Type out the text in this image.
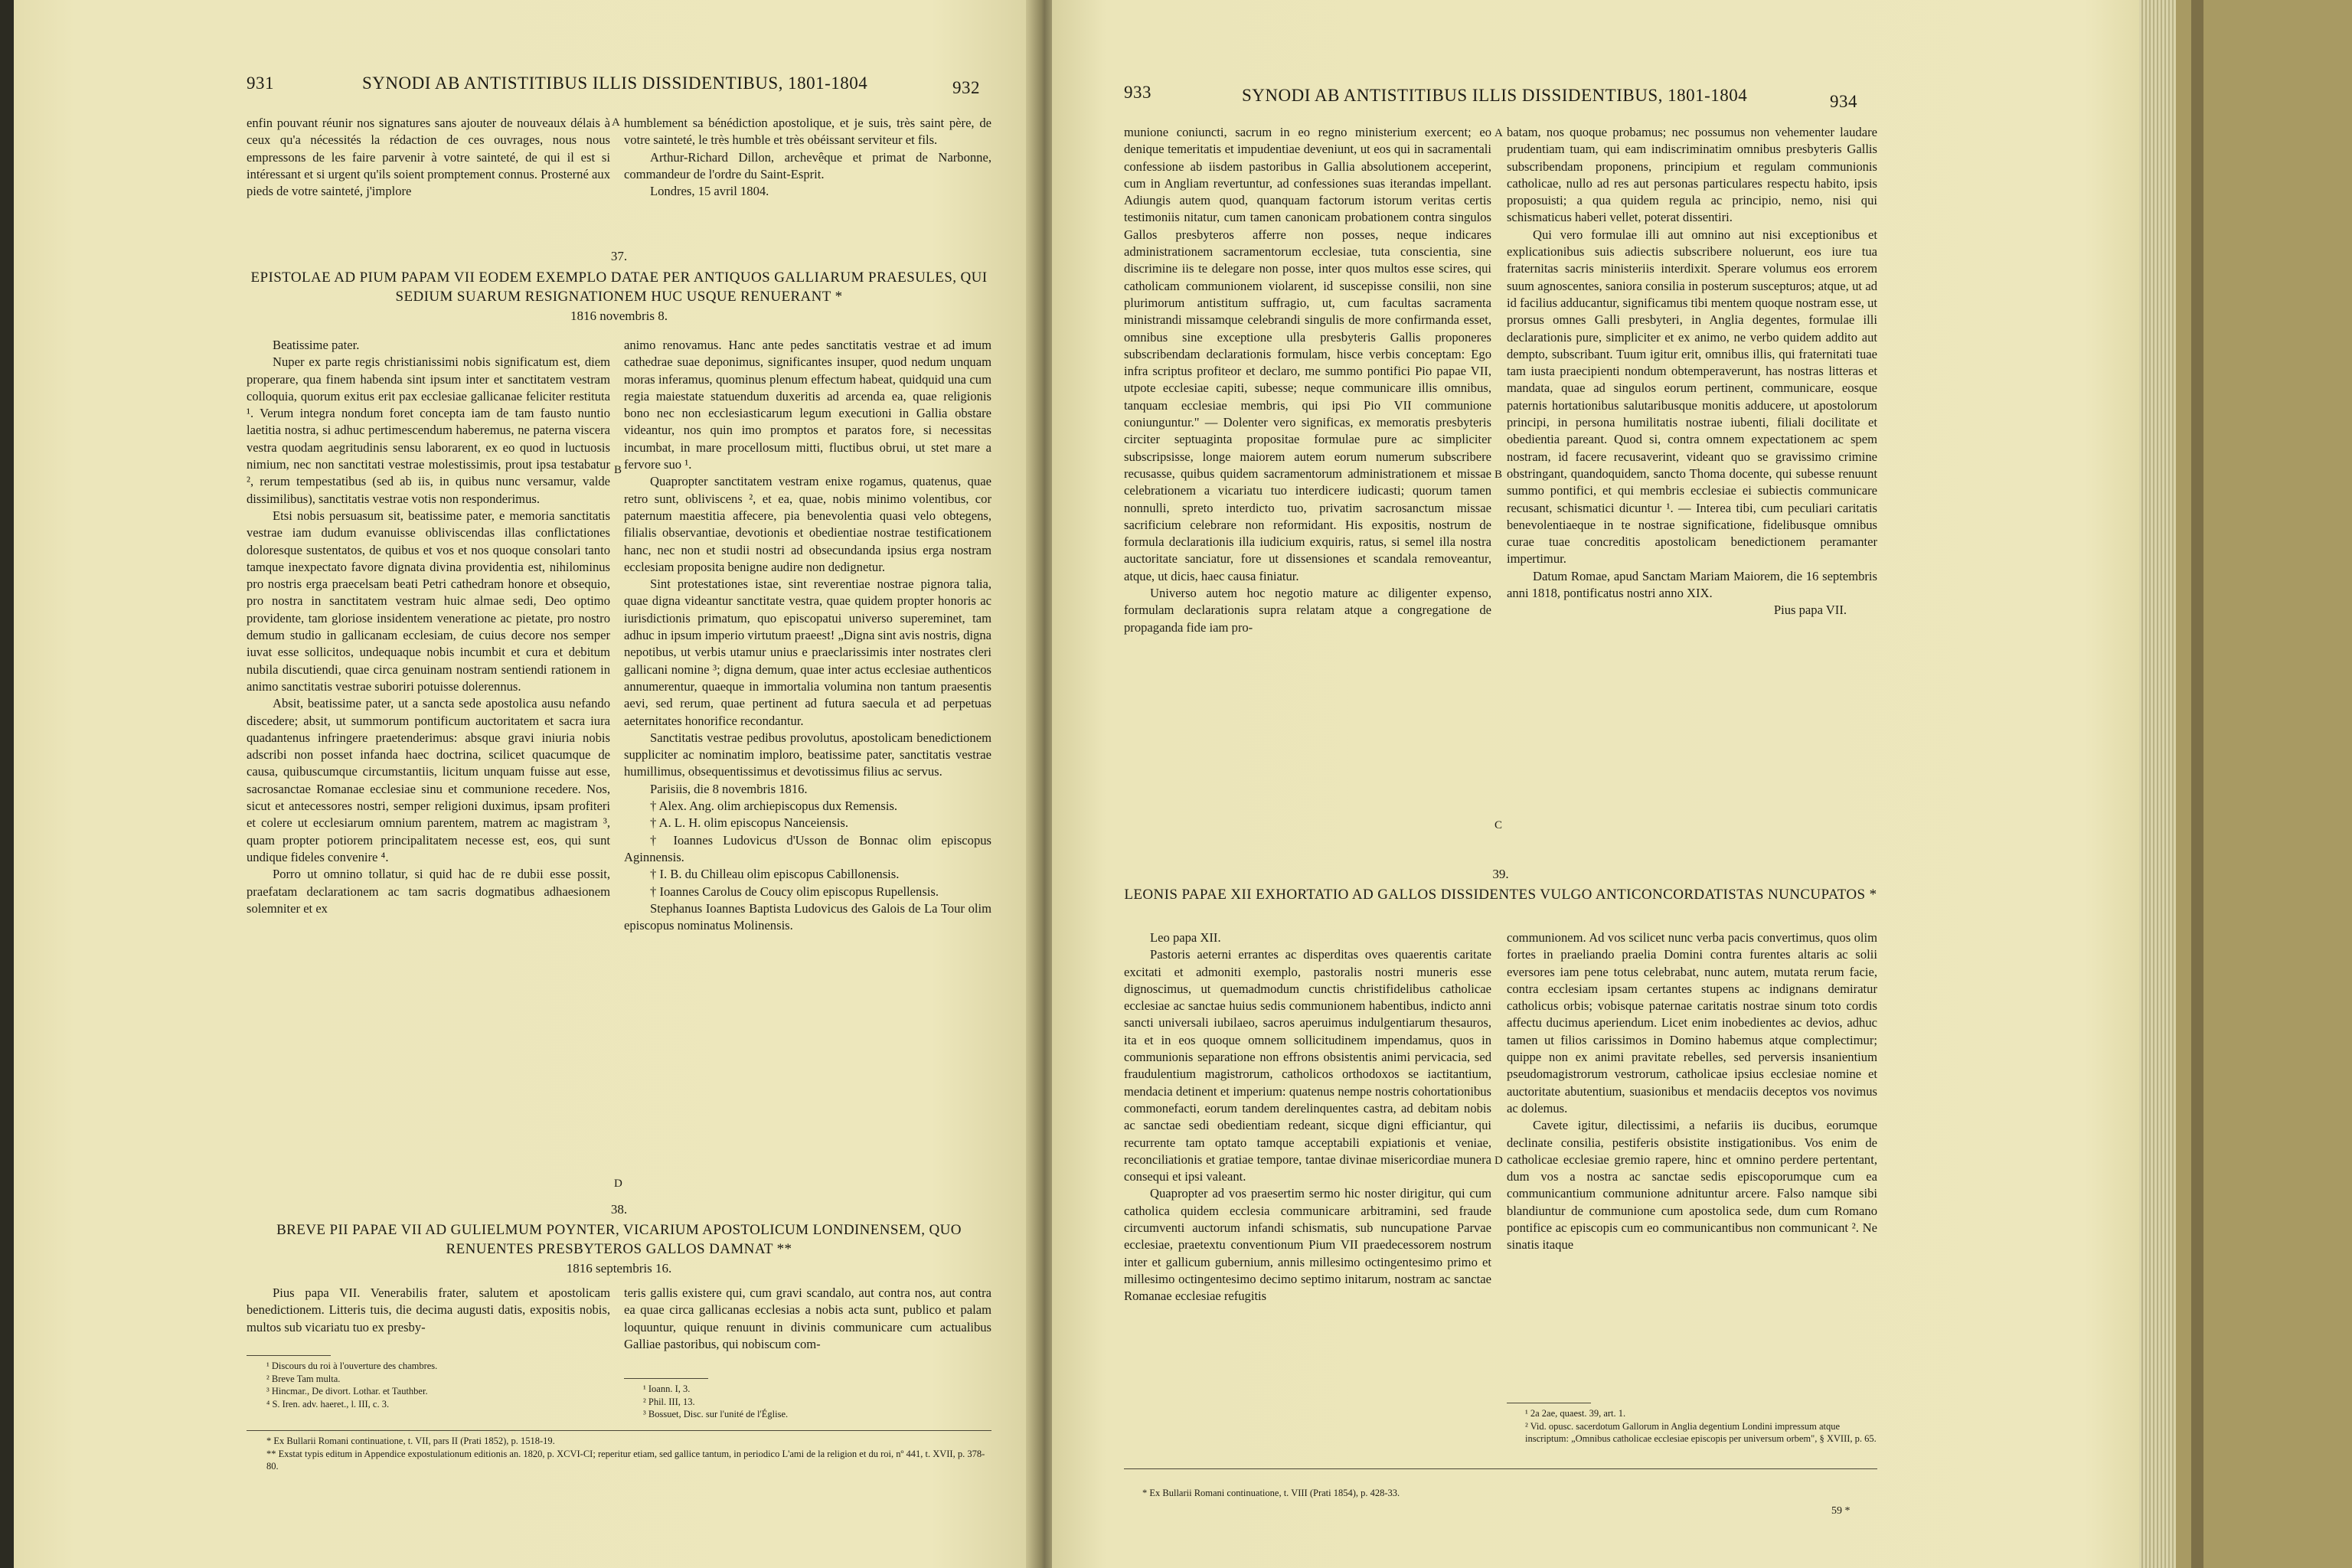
931	SYNODI AB ANTISTITIBUS ILLIS DISSIDENTIBUS, 1801-1804	932

enfin pouvant réunir nos signatures sans ajouter de nouveaux délais à ceux qu'a nécessités la rédaction de ces ouvrages, nous nous empressons de les faire parvenir à votre sainteté, de qui il est si intéressant et si urgent qu'ils soient promptement connus. Prosterné aux pieds de votre sainteté, j'implore

A humblement sa bénédiction apostolique, et je suis, très saint père, de votre sainteté, le très humble et très obéissant serviteur et fils.

Arthur-Richard Dillon, archevêque et primat de Narbonne, commandeur de l'ordre du Saint-Esprit.

Londres, 15 avril 1804.

37.
EPISTOLAE AD PIUM PAPAM VII EODEM EXEMPLO DATAE PER ANTIQUOS GALLIARUM PRAESULES, QUI SEDIUM SUARUM RESIGNATIONEM HUC USQUE RENUERANT *
1816 novembris 8.

Beatissime pater.

Nuper ex parte regis christianissimi nobis significatum est, diem properare, qua finem habenda sint ipsum inter et sanctitatem vestram colloquia, quorum exitus erit pax ecclesiae gallicanae feliciter restituta ¹. Verum integra nondum foret concepta iam de tam fausto nuntio laetitia nostra, si adhuc pertimescendum haberemus, ne paterna viscera vestra quodam aegritudinis sensu laborarent, ex eo quod in luctuosis nimium, nec non sanctitati vestrae molestissimis, prout ipsa testabatur ², rerum tempestatibus (sed ab iis, in quibus nunc versamur, valde dissimilibus), sanctitatis vestrae votis non responderimus.

Etsi nobis persuasum sit, beatissime pater, e memoria sanctitatis vestrae iam dudum evanuisse obliviscendas illas conflictationes doloresque sustentatos, de quibus et vos et nos quoque consolari tanto tamque inexpectato favore dignata divina providentia est, nihilominus pro nostris erga praecelsam beati Petri cathedram honore et obsequio, pro nostra in sanctitatem vestram huic almae sedi, Deo optimo providente, tam gloriose insidentem veneratione ac pietate, pro nostro demum studio in gallicanam ecclesiam, de cuius decore nos semper iuvat esse sollicitos, undequaque nobis incumbit et cura et debitum nubila discutiendi, quae circa genuinam nostram sentiendi rationem in animo sanctitatis vestrae suboriri potuisse dolerennus.

Absit, beatissime pater, ut a sancta sede apostolica ausu nefando discedere; absit, ut summorum pontificum auctoritatem et sacra iura quadantenus infringere praetenderimus: absque gravi iniuria nobis adscribi non posset infanda haec doctrina, scilicet quacumque de causa, quibuscumque circumstantiis, licitum unquam fuisse aut esse, sacrosanctae Romanae ecclesiae sinu et communione recedere. Nos, sicut et antecessores nostri, semper religioni duximus, ipsam profiteri et colere ut ecclesiarum omnium parentem, matrem ac magistram ³, quam propter potiorem principalitatem necesse est, eos, qui sunt undique fideles convenire ⁴.

Porro ut omnino tollatur, si quid hac de re dubii esse possit, praefatam declarationem ac tam sacris dogmatibus adhaesionem solemniter et ex

B
D

animo renovamus. Hanc ante pedes sanctitatis vestrae et ad imum cathedrae suae deponimus, significantes insuper, quod nedum unquam moras inferamus, quominus plenum effectum habeat, quidquid una cum regia maiestate statuendum duxeritis ad arcenda ea, quae religionis bono nec non ecclesiasticarum legum executioni in Gallia obstare videantur, nos quin imo promptos et paratos fore, si necessitas incumbat, in mare procellosum mitti, fluctibus obrui, ut stet mare a fervore suo ¹.

Quapropter sanctitatem vestram enixe rogamus, quatenus, quae retro sunt, obliviscens ², et ea, quae, nobis minimo volentibus, cor paternum maestitia affecere, pia benevolentia quasi velo obtegens, filialis observantiae, devotionis et obedientiae nostrae testificationem hanc, nec non et studii nostri ad obsecundanda ipsius erga nostram ecclesiam proposita benigne audire non dedignetur.

Sint protestationes istae, sint reverentiae nostrae pignora talia, quae digna videantur sanctitate vestra, quae quidem propter honoris ac iurisdictionis primatum, quo episcopatui universo supereminet, tam adhuc in ipsum imperio virtutum praeest! „Digna sint avis nostris, digna nepotibus, ut verbis utamur unius e praeclarissimis inter nostrates cleri gallicani nomine ³; digna demum, quae inter actus ecclesiae authenticos annumerentur, quaeque in immortalia volumina non tantum praesentis aevi, sed rerum, quae pertinent ad futura saecula et ad perpetuas aeternitates honorifice recondantur.

Sanctitatis vestrae pedibus provolutus, apostolicam benedictionem suppliciter ac nominatim imploro, beatissime pater, sanctitatis vestrae humillimus, obsequentissimus et devotissimus filius ac servus.

Parisiis, die 8 novembris 1816.

† Alex. Ang. olim archiepiscopus dux Remensis.

† A. L. H. olim episcopus Nanceiensis.

† Ioannes Ludovicus d'Usson de Bonnac olim episcopus Aginnensis.

† I. B. du Chilleau olim episcopus Cabillonensis.

† Ioannes Carolus de Coucy olim episcopus Rupellensis.

Stephanus Ioannes Baptista Ludovicus des Galois de La Tour olim episcopus nominatus Molinensis.

38.
BREVE PII PAPAE VII AD GULIELMUM POYNTER, VICARIUM APOSTOLICUM LONDINENSEM, QUO RENUENTES PRESBYTEROS GALLOS DAMNAT **
1816 septembris 16.

Pius papa VII. Venerabilis frater, salutem et apostolicam benedictionem. Litteris tuis, die decima augusti datis, expositis nobis, multos sub vicariatu tuo ex presby-

teris gallis existere qui, cum gravi scandalo, aut contra nos, aut contra ea quae circa gallicanas ecclesias a nobis acta sunt, publico et palam loquuntur, quique renuunt in divinis communicare cum actualibus Galliae pastoribus, qui nobiscum com-

¹ Discours du roi à l'ouverture des chambres.
² Breve Tam multa.
³ Hincmar., De divort. Lothar. et Tauthber.
⁴ S. Iren. adv. haeret., l. III, c. 3.
¹ Ioann. I, 3.
² Phil. III, 13.
³ Bossuet, Disc. sur l'unité de l'Église.
* Ex Bullarii Romani continuatione, t. VII, pars II (Prati 1852), p. 1518-19.
** Exstat typis editum in Appendice expostulationum editionis an. 1820, p. XCVI-CI; reperitur etiam, sed gallice tantum, in periodico L'ami de la religion et du roi, nº 441, t. XVII, p. 378-80.
933	SYNODI AB ANTISTITIBUS ILLIS DISSIDENTIBUS, 1801-1804	934

munione coniuncti, sacrum in eo regno ministerium exercent; eo denique temeritatis et impudentiae deveniunt, ut eos qui in sacramentali confessione ab iisdem pastoribus in Gallia absolutionem acceperint, cum in Angliam revertuntur, ad confessiones suas iterandas impellant. Adiungis autem quod, quanquam factorum istorum veritas certis testimoniis nitatur, cum tamen canonicam probationem contra singulos Gallos presbyteros afferre non posses, neque indicares administrationem sacramentorum ecclesiae, tuta conscientia, sine discrimine iis te delegare non posse, inter quos multos esse scires, qui catholicam communionem violarent, id suscepisse consilii, non sine plurimorum antistitum suffragio, ut, cum facultas sacramenta ministrandi missamque celebrandi singulis de more confirmanda esset, omnibus sine exceptione ulla presbyteris Gallis proponeres subscribendam declarationis formulam, hisce verbis conceptam: Ego infra scriptus profiteor et declaro, me summo pontifici Pio papae VII, utpote ecclesiae capiti, subesse; neque communicare illis omnibus, tanquam ecclesiae membris, qui ipsi Pio VII communione coniunguntur." — Dolenter vero significas, ex memoratis presbyteris circiter septuaginta propositae formulae pure ac simpliciter subscripsisse, longe maiorem autem eorum numerum subscribere recusasse, quibus quidem sacramentorum administrationem et missae celebrationem a vicariatu tuo interdicere iudicasti; quorum tamen nonnulli, spreto interdicto tuo, privatim sacrosanctum missae sacrificium celebrare non reformidant. His expositis, nostrum de formula declarationis illa iudicium exquiris, ratus, si semel illa nostra auctoritate sanciatur, fore ut dissensiones et scandala removeantur, atque, ut dicis, haec causa finiatur.

Universo autem hoc negotio mature ac diligenter expenso, formulam declarationis supra relatam atque a congregatione de propaganda fide iam pro-

A
B
C
D

batam, nos quoque probamus; nec possumus non vehementer laudare prudentiam tuam, qui eam indiscriminatim omnibus presbyteris Gallis subscribendam proponens, principium et regulam communionis catholicae, nullo ad res aut personas particulares respectu habito, ipsis proposuisti; a qua quidem regula ac principio, nemo, nisi qui schismaticus haberi vellet, poterat dissentiri.

Qui vero formulae illi aut omnino aut nisi exceptionibus et explicationibus suis adiectis subscribere noluerunt, eos iure tua fraternitas sacris ministeriis interdixit. Sperare volumus eos errorem suum agnoscentes, saniora consilia in posterum suscepturos; atque, ut ad id facilius adducantur, significamus tibi mentem quoque nostram esse, ut prorsus omnes Galli presbyteri, in Anglia degentes, formulae illi declarationis pure, simpliciter et ex animo, ne verbo quidem addito aut dempto, subscribant. Tuum igitur erit, omnibus illis, qui fraternitati tuae tam iusta praecipienti nondum obtemperaverunt, has nostras litteras et mandata, quae ad singulos eorum pertinent, communicare, eosque paternis hortationibus salutaribusque monitis adducere, ut apostolorum principi, in persona humilitatis nostrae iubenti, filiali docilitate et obedientia pareant. Quod si, contra omnem expectationem ac spem nostram, id facere recusaverint, videant quo se gravissimo crimine obstringant, quandoquidem, sancto Thoma docente, qui subesse renuunt summo pontifici, et qui membris ecclesiae ei subiectis communicare recusant, schismatici dicuntur ¹. — Interea tibi, cum peculiari caritatis benevolentiaeque in te nostrae significatione, fidelibusque omnibus curae tuae concreditis apostolicam benedictionem peramanter impertimur.

Datum Romae, apud Sanctam Mariam Maiorem, die 16 septembris anni 1818, pontificatus nostri anno XIX.

Pius papa VII.
39.
LEONIS PAPAE XII EXHORTATIO AD GALLOS DISSIDENTES VULGO ANTICONCORDATISTAS NUNCUPATOS *

Leo papa XII.

Pastoris aeterni errantes ac disperditas oves quaerentis caritate excitati et admoniti exemplo, pastoralis nostri muneris esse dignoscimus, ut quemadmodum cunctis christifidelibus catholicae ecclesiae ac sanctae huius sedis communionem habentibus, indicto anni sancti universali iubilaeo, sacros aperuimus indulgentiarum thesauros, ita et in eos quoque omnem sollicitudinem impendamus, quos in communionis separatione non effrons obsistentis animi pervicacia, sed fraudulentium magistrorum, catholicos orthodoxos se iactitantium, mendacia detinent et imperium: quatenus nempe nostris cohortationibus commonefacti, eorum tandem derelinquentes castra, ad debitam nobis ac sanctae sedi obedientiam redeant, sicque digni efficiantur, qui recurrente tam optato tamque acceptabili expiationis et veniae, reconciliationis et gratiae tempore, tantae divinae misericordiae munera consequi et ipsi valeant.

Quapropter ad vos praesertim sermo hic noster dirigitur, qui cum catholica quidem ecclesia communicare arbitramini, sed fraude circumventi auctorum infandi schismatis, sub nuncupatione Parvae ecclesiae, praetextu conventionum Pium VII praedecessorem nostrum inter et gallicum gubernium, annis millesimo octingentesimo primo et millesimo octingentesimo decimo septimo initarum, nostram ac sanctae Romanae ecclesiae refugitis

communionem. Ad vos scilicet nunc verba pacis convertimus, quos olim fortes in praeliando praelia Domini contra furentes altaris ac solii eversores iam pene totus celebrabat, nunc autem, mutata rerum facie, contra ecclesiam ipsam certantes stupens ac indignans demiratur catholicus orbis; vobisque paternae caritatis nostrae sinum toto cordis affectu ducimus aperiendum. Licet enim inobedientes ac devios, adhuc tamen ut filios carissimos in Domino habemus atque complectimur; quippe non ex animi pravitate rebelles, sed perversis insanientium pseudomagistrorum vestrorum, catholicae ipsius ecclesiae nomine et auctoritate abutentium, suasionibus et mendaciis deceptos vos novimus ac dolemus.

Cavete igitur, dilectissimi, a nefariis iis ducibus, eorumque declinate consilia, pestiferis obsistite instigationibus. Vos enim de catholicae ecclesiae gremio rapere, hinc et omnino perdere pertentant, dum vos a nostra ac sanctae sedis episcoporumque cum ea communicantium communione adnituntur arcere. Falso namque sibi blandiuntur de communione cum apostolica sede, dum cum Romano pontifice ac episcopis cum eo communicantibus non communicant ². Ne sinatis itaque

¹ 2a 2ae, quaest. 39, art. 1.
² Vid. opusc. sacerdotum Gallorum in Anglia degentium Londini impressum atque inscriptum: „Omnibus catholicae ecclesiae episcopis per universum orbem", § XVIII, p. 65.
* Ex Bullarii Romani continuatione, t. VIII (Prati 1854), p. 428-33.
59 *
